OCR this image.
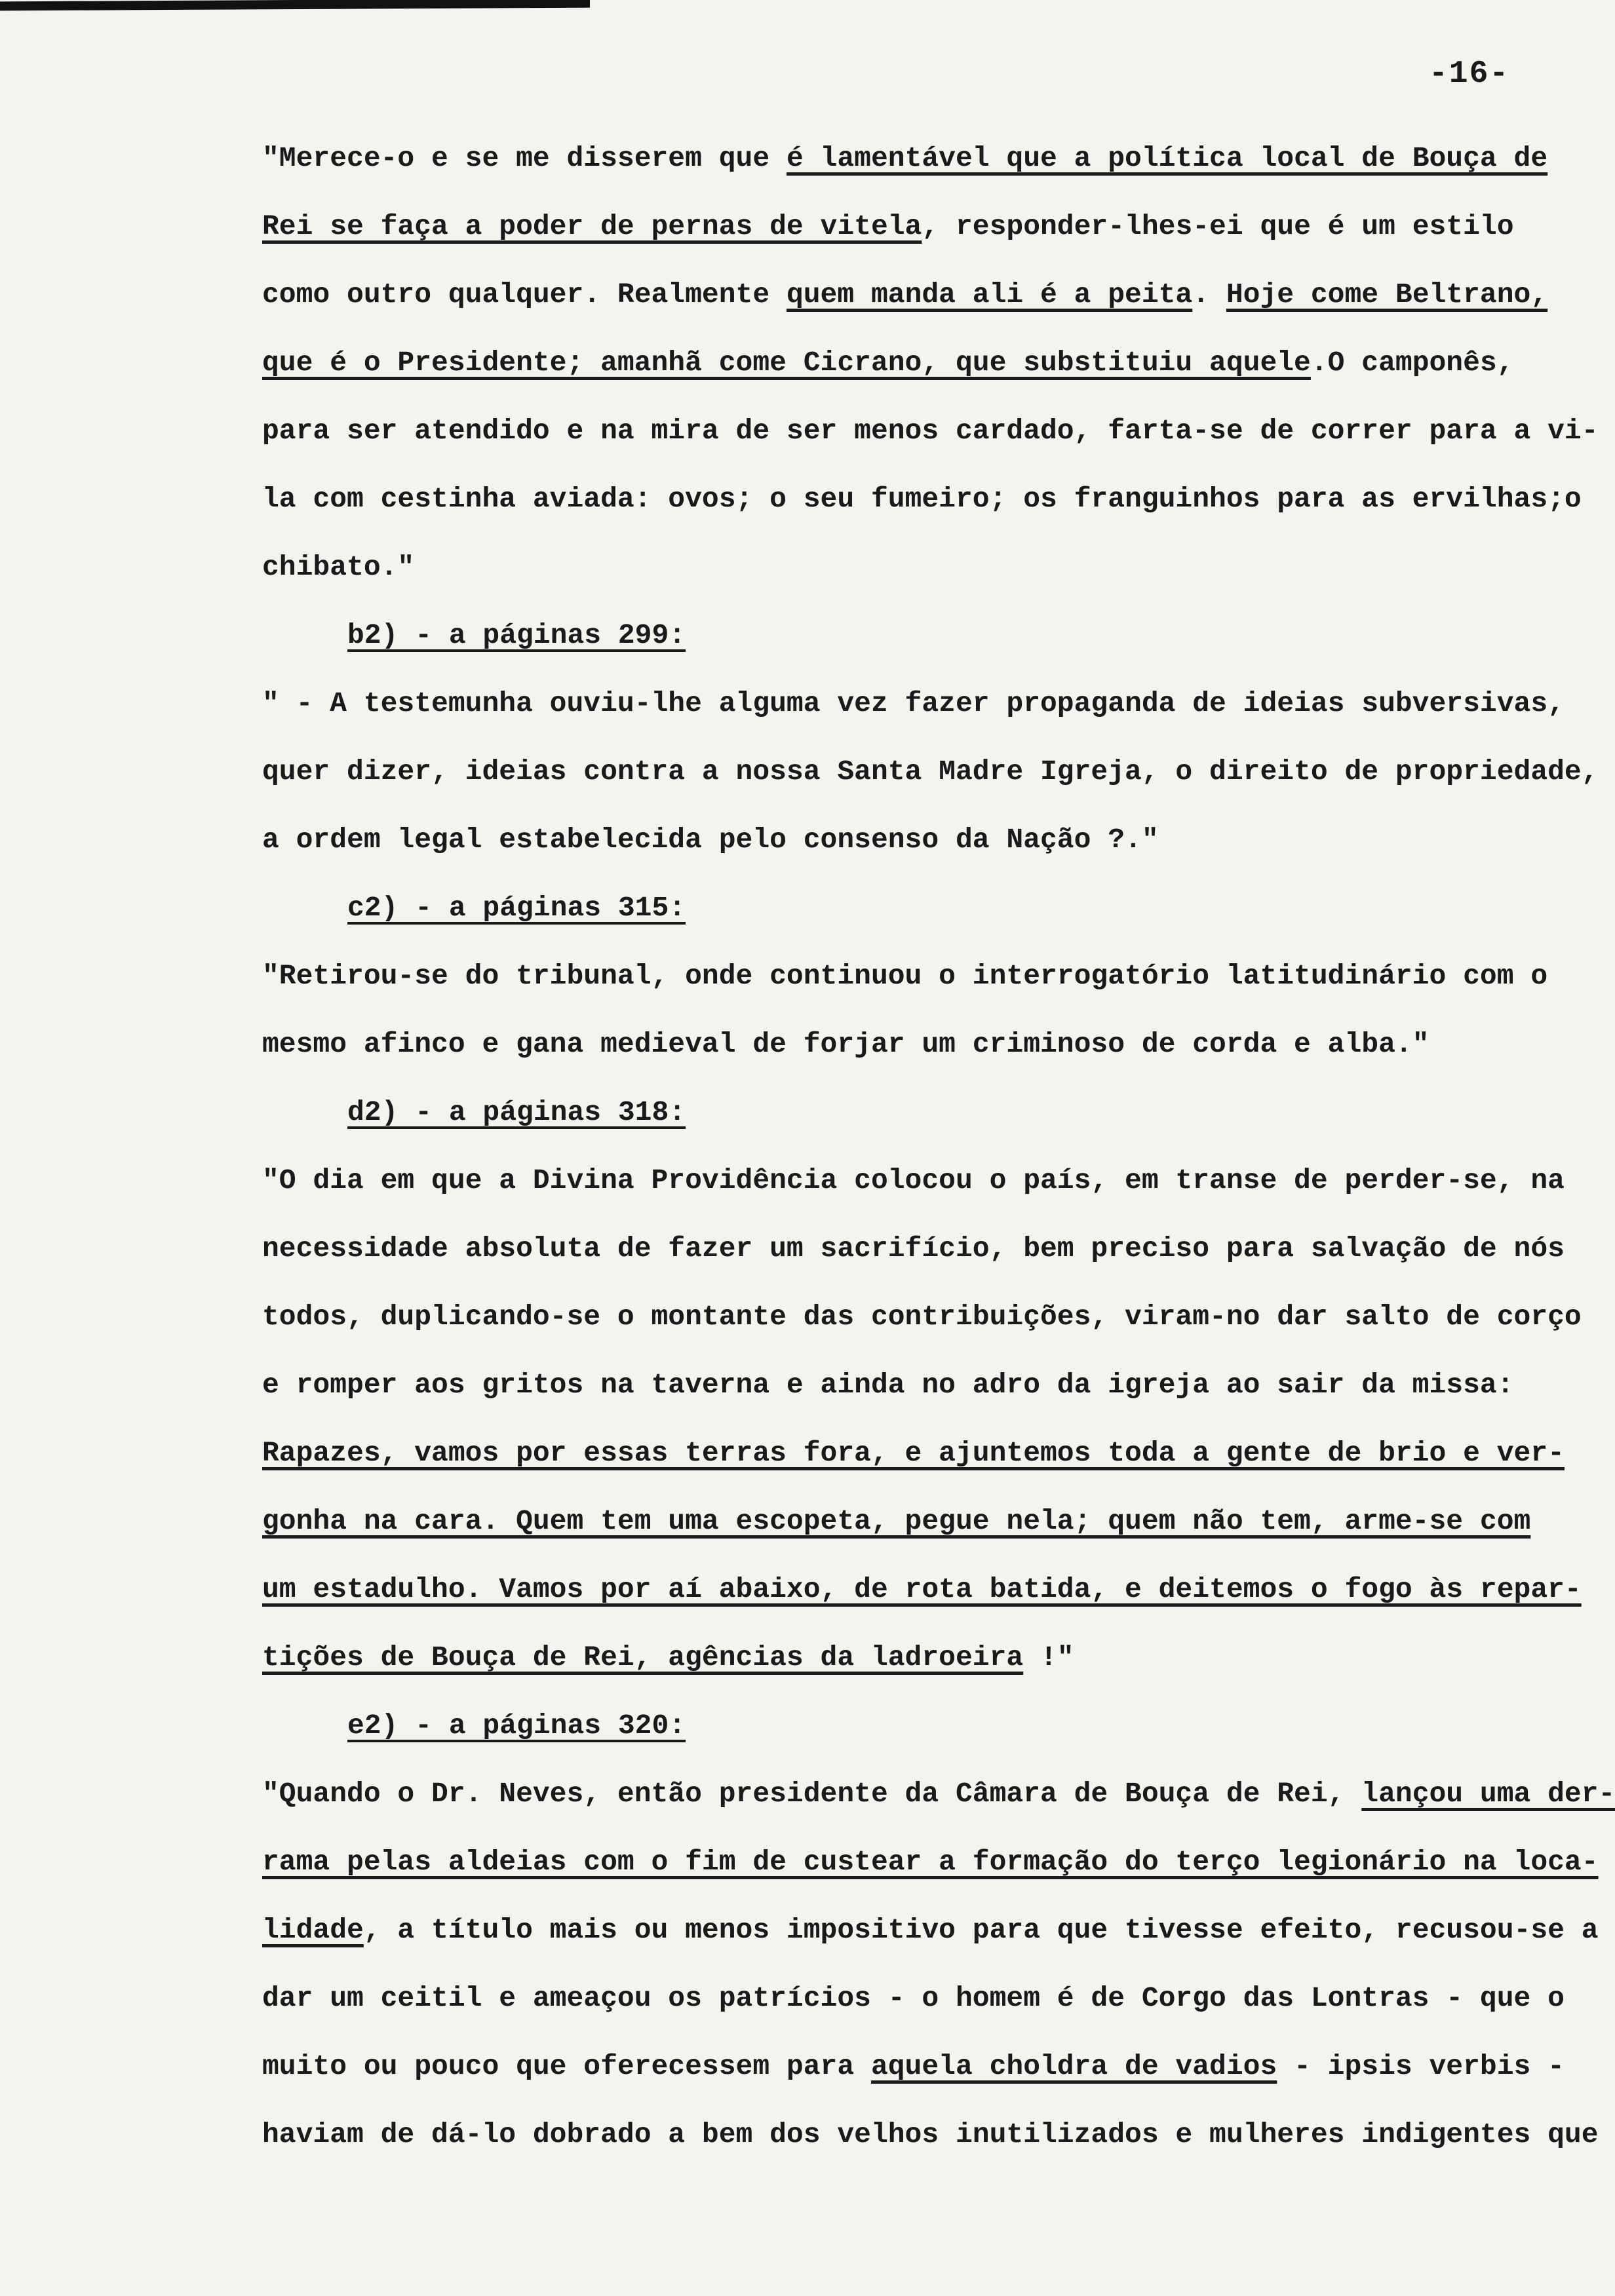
-16-
"Merece-o e se me disserem que é lamentável que a política local de Bouça de
Rei se faça a poder de pernas de vitela, responder-lhes-ei que é um estilo
como outro qualquer. Realmente quem manda ali é a peita. Hoje come Beltrano,
que é o Presidente; amanhã come Cicrano, que substituiu aquele.O camponês,
para ser atendido e na mira de ser menos cardado, farta-se de correr para a vi-
la com cestinha aviada: ovos; o seu fumeiro; os franguinhos para as ervilhas;o
chibato."
b2) - a páginas 299:
" - A testemunha ouviu-lhe alguma vez fazer propaganda de ideias subversivas,
quer dizer, ideias contra a nossa Santa Madre Igreja, o direito de propriedade,
a ordem legal estabelecida pelo consenso da Nação ?."
c2) - a páginas 315:
"Retirou-se do tribunal, onde continuou o interrogatório latitudinário com o
mesmo afinco e gana medieval de forjar um criminoso de corda e alba."
d2) - a páginas 318:
"O dia em que a Divina Providência colocou o país, em transe de perder-se, na
necessidade absoluta de fazer um sacrifício, bem preciso para salvação de nós
todos, duplicando-se o montante das contribuições, viram-no dar salto de corço
e romper aos gritos na taverna e ainda no adro da igreja ao sair da missa:
Rapazes, vamos por essas terras fora, e ajuntemos toda a gente de brio e ver-
gonha na cara. Quem tem uma escopeta, pegue nela; quem não tem, arme-se com
um estadulho. Vamos por aí abaixo, de rota batida, e deitemos o fogo às repar-
tições de Bouça de Rei, agências da ladroeira !"
e2) - a páginas 320:
"Quando o Dr. Neves, então presidente da Câmara de Bouça de Rei, lançou uma der-
rama pelas aldeias com o fim de custear a formação do terço legionário na loca-
lidade, a título mais ou menos impositivo para que tivesse efeito, recusou-se a
dar um ceitil e ameaçou os patrícios - o homem é de Corgo das Lontras - que o
muito ou pouco que oferecessem para aquela choldra de vadios - ipsis verbis -
haviam de dá-lo dobrado a bem dos velhos inutilizados e mulheres indigentes que
